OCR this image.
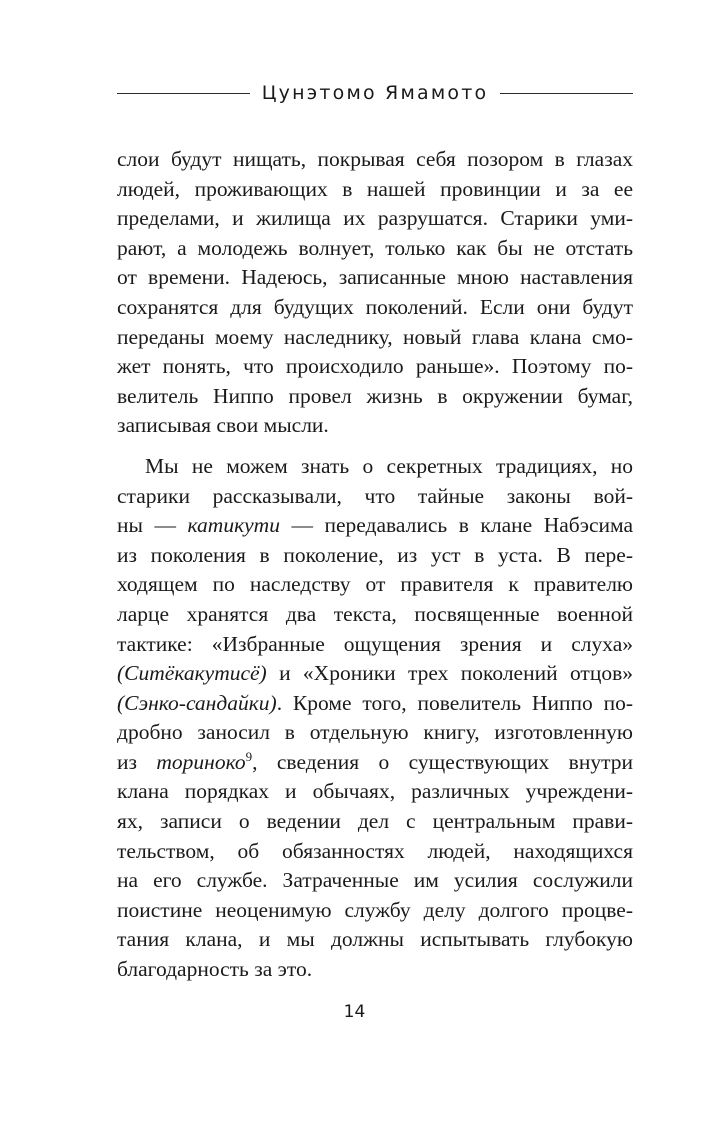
Цунэтомо Ямамото
слои будут нищать, покрывая себя позором в глазах
людей, проживающих в нашей провинции и за ее
пределами, и жилища их разрушатся. Старики уми-
рают, а молодежь волнует, только как бы не отстать
от времени. Надеюсь, записанные мною наставления
сохранятся для будущих поколений. Если они будут
переданы моему наследнику, новый глава клана смо-
жет понять, что происходило раньше». Поэтому по-
велитель Ниппо провел жизнь в окружении бумаг,
записывая свои мысли.
Мы не можем знать о секретных традициях, но
старики рассказывали, что тайные законы вой-
ны — катикути — передавались в клане Набэсима
из поколения в поколение, из уст в уста. В пере-
ходящем по наследству от правителя к правителю
ларце хранятся два текста, посвященные военной
тактике: «Избранные ощущения зрения и слуха»
(Ситёкакутисё) и «Хроники трех поколений отцов»
(Сэнко-сандайки). Кроме того, повелитель Ниппо по-
дробно заносил в отдельную книгу, изготовленную
из ториноко$^9$, сведения о существующих внутри
клана порядках и обычаях, различных учреждени-
ях, записи о ведении дел с центральным прави-
тельством, об обязанностях людей, находящихся
на его службе. Затраченные им усилия сослужили
поистине неоценимую службу делу долгого процве-
тания клана, и мы должны испытывать глубокую
благодарность за это.
14
